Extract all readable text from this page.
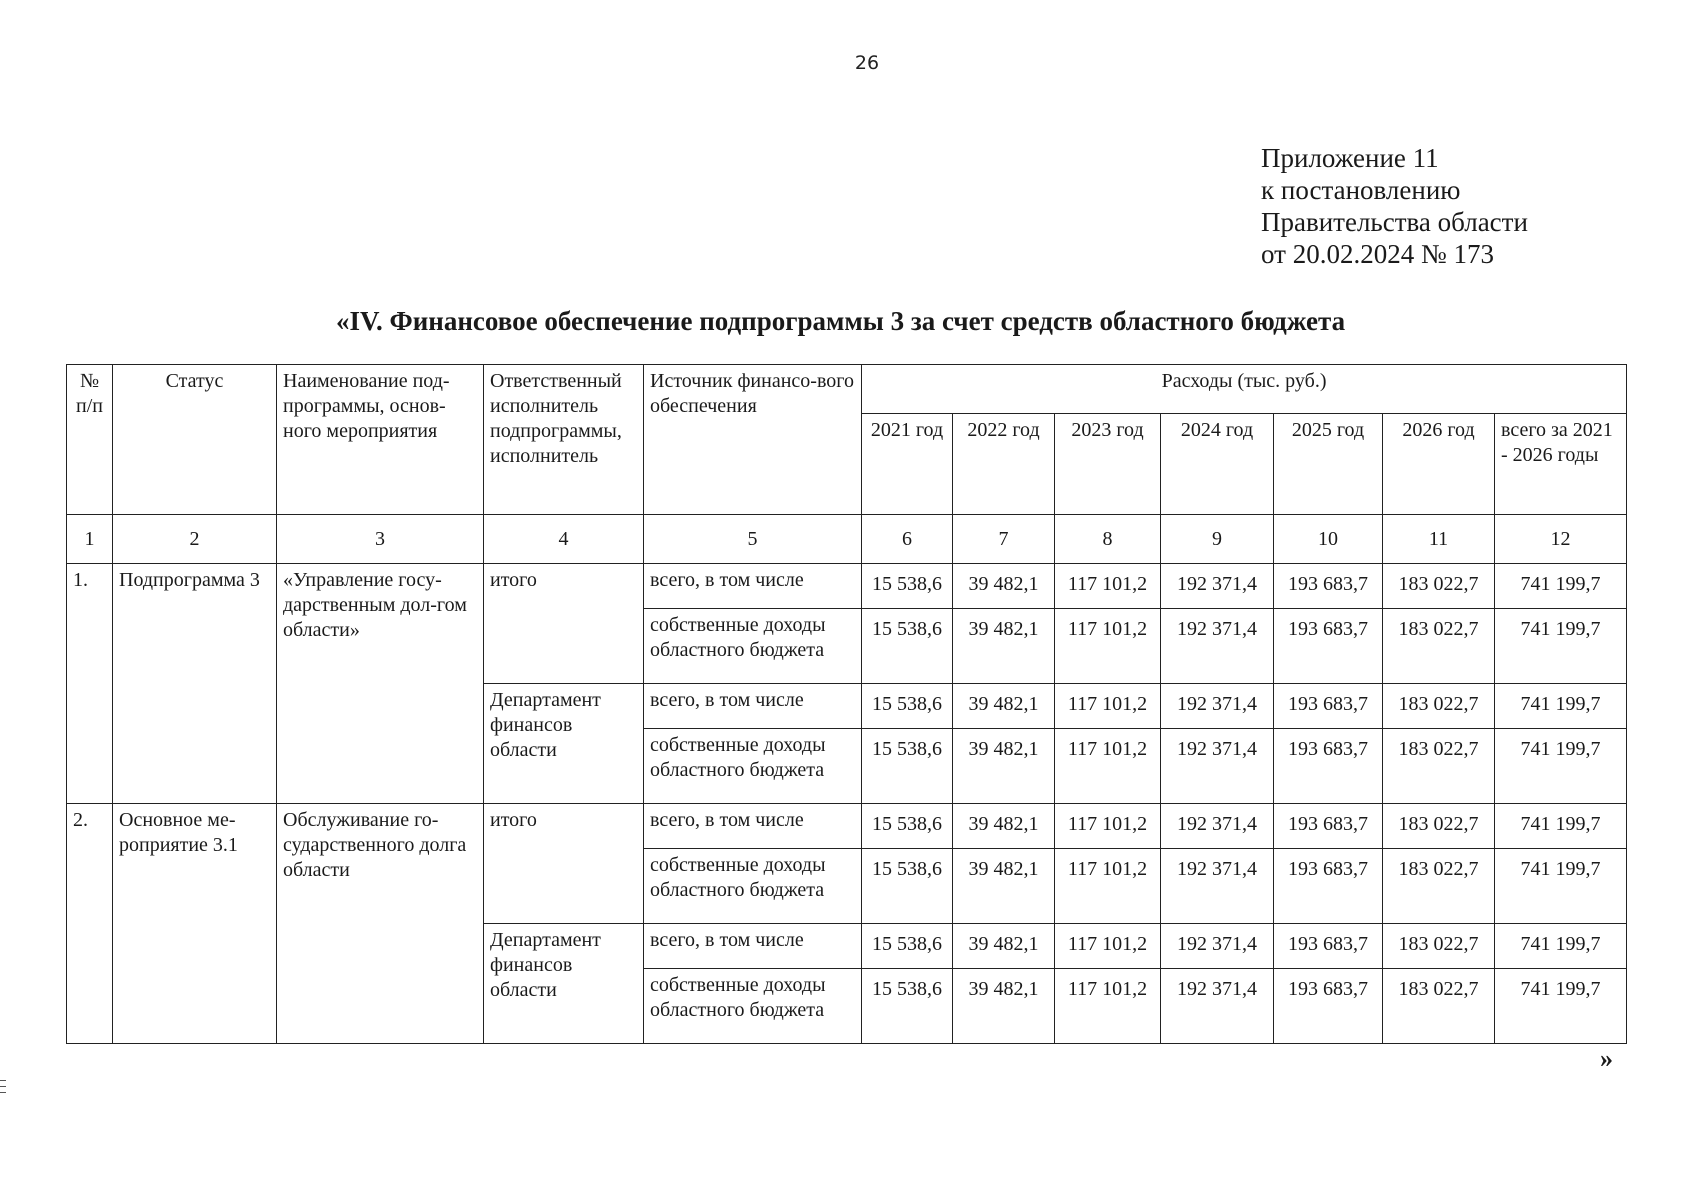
26
Приложение 11
к постановлению
Правительства области
от 20.02.2024 № 173
«IV. Финансовое обеспечение подпрограммы 3 за счет средств областного бюджета
№ п/п	Статус	Наименование под-программы, основ-ного мероприятия	Ответственный исполнитель подпрограммы, исполнитель	Источник финансо-вого обеспечения	Расходы (тыс. руб.)						
					2021 год	2022 год	2023 год	2024 год	2025 год	2026 год	всего за 2021 - 2026 годы
1	2	3	4	5	6	7	8	9	10	11	12
1.	Подпрограмма 3	«Управление госу-дарственным дол-гом области»	итого	всего, в том числе	15 538,6	39 482,1	117 101,2	192 371,4	193 683,7	183 022,7	741 199,7
				собственные доходы областного бюджета	15 538,6	39 482,1	117 101,2	192 371,4	193 683,7	183 022,7	741 199,7
			Департамент финансов области	всего, в том числе	15 538,6	39 482,1	117 101,2	192 371,4	193 683,7	183 022,7	741 199,7
				собственные доходы областного бюджета	15 538,6	39 482,1	117 101,2	192 371,4	193 683,7	183 022,7	741 199,7
2.	Основное ме-роприятие 3.1	Обслуживание го-сударственного долга области	итого	всего, в том числе	15 538,6	39 482,1	117 101,2	192 371,4	193 683,7	183 022,7	741 199,7
				собственные доходы областного бюджета	15 538,6	39 482,1	117 101,2	192 371,4	193 683,7	183 022,7	741 199,7
			Департамент финансов области	всего, в том числе	15 538,6	39 482,1	117 101,2	192 371,4	193 683,7	183 022,7	741 199,7
				собственные доходы областного бюджета	15 538,6	39 482,1	117 101,2	192 371,4	193 683,7	183 022,7	741 199,7
»
